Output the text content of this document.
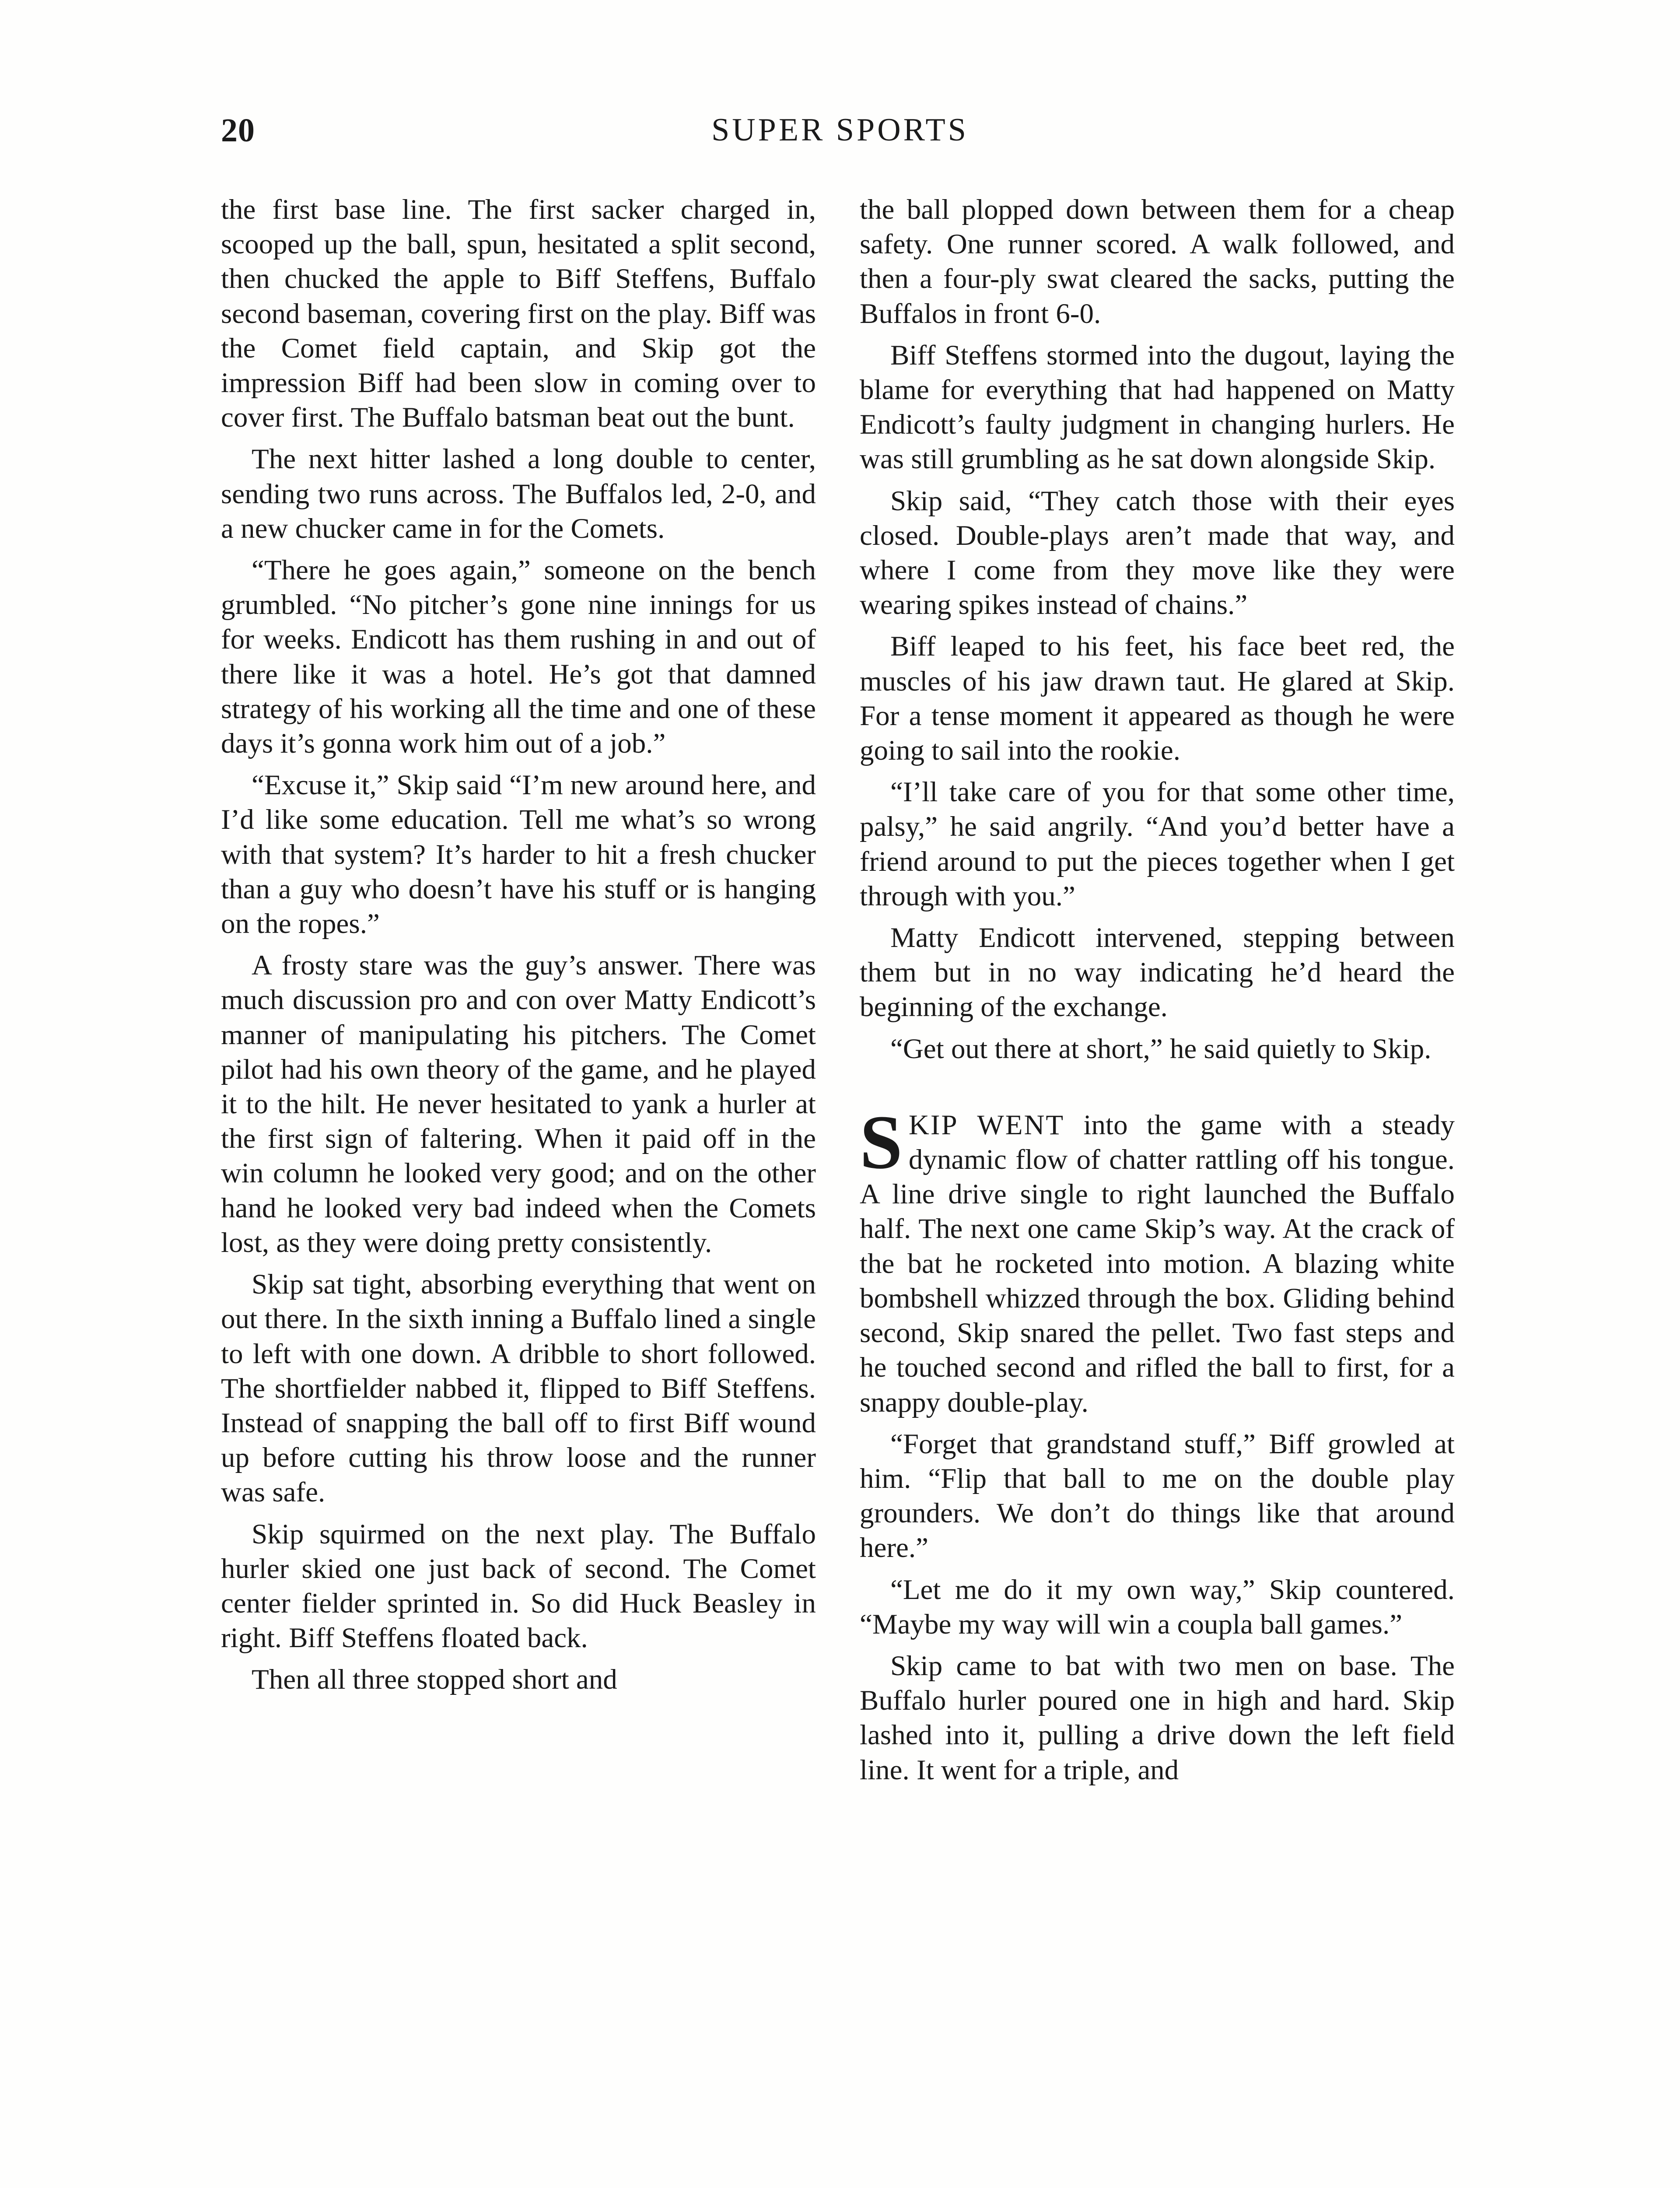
20	SUPER SPORTS

the first base line. The first sacker charged in, scooped up the ball, spun, hesitated a split second, then chucked the apple to Biff Steffens, Buffalo second baseman, covering first on the play. Biff was the Comet field captain, and Skip got the impression Biff had been slow in coming over to cover first. The Buffalo batsman beat out the bunt.

The next hitter lashed a long double to center, sending two runs across. The Buffalos led, 2-0, and a new chucker came in for the Comets.

“There he goes again,” someone on the bench grumbled. “No pitcher’s gone nine innings for us for weeks. Endicott has them rushing in and out of there like it was a hotel. He’s got that damned strategy of his working all the time and one of these days it’s gonna work him out of a job.”

“Excuse it,” Skip said “I’m new around here, and I’d like some education. Tell me what’s so wrong with that system? It’s harder to hit a fresh chucker than a guy who doesn’t have his stuff or is hanging on the ropes.”

A frosty stare was the guy’s answer. There was much discussion pro and con over Matty Endicott’s manner of manipulating his pitchers. The Comet pilot had his own theory of the game, and he played it to the hilt. He never hesitated to yank a hurler at the first sign of faltering. When it paid off in the win column he looked very good; and on the other hand he looked very bad indeed when the Comets lost, as they were doing pretty consistently.

Skip sat tight, absorbing everything that went on out there. In the sixth inning a Buffalo lined a single to left with one down. A dribble to short followed. The shortfielder nabbed it, flipped to Biff Steffens. Instead of snapping the ball off to first Biff wound up before cutting his throw loose and the runner was safe.

Skip squirmed on the next play. The Buffalo hurler skied one just back of second. The Comet center fielder sprinted in. So did Huck Beasley in right. Biff Steffens floated back.

Then all three stopped short and

the ball plopped down between them for a cheap safety. One runner scored. A walk followed, and then a four-ply swat cleared the sacks, putting the Buffalos in front 6-0.

Biff Steffens stormed into the dugout, laying the blame for everything that had happened on Matty Endicott’s faulty judgment in changing hurlers. He was still grumbling as he sat down alongside Skip.

Skip said, “They catch those with their eyes closed. Double-plays aren’t made that way, and where I come from they move like they were wearing spikes instead of chains.”

Biff leaped to his feet, his face beet red, the muscles of his jaw drawn taut. He glared at Skip. For a tense moment it appeared as though he were going to sail into the rookie.

“I’ll take care of you for that some other time, palsy,” he said angrily. “And you’d better have a friend around to put the pieces together when I get through with you.”

Matty Endicott intervened, stepping between them but in no way indicating he’d heard the beginning of the exchange.

“Get out there at short,” he said quietly to Skip.

SKIP WENT into the game with a steady dynamic flow of chatter rattling off his tongue. A line drive single to right launched the Buffalo half. The next one came Skip’s way. At the crack of the bat he rocketed into motion. A blazing white bombshell whizzed through the box. Gliding behind second, Skip snared the pellet. Two fast steps and he touched second and rifled the ball to first, for a snappy double-play.

“Forget that grandstand stuff,” Biff growled at him. “Flip that ball to me on the double play grounders. We don’t do things like that around here.”

“Let me do it my own way,” Skip countered. “Maybe my way will win a coupla ball games.”

Skip came to bat with two men on base. The Buffalo hurler poured one in high and hard. Skip lashed into it, pulling a drive down the left field line. It went for a triple, and
